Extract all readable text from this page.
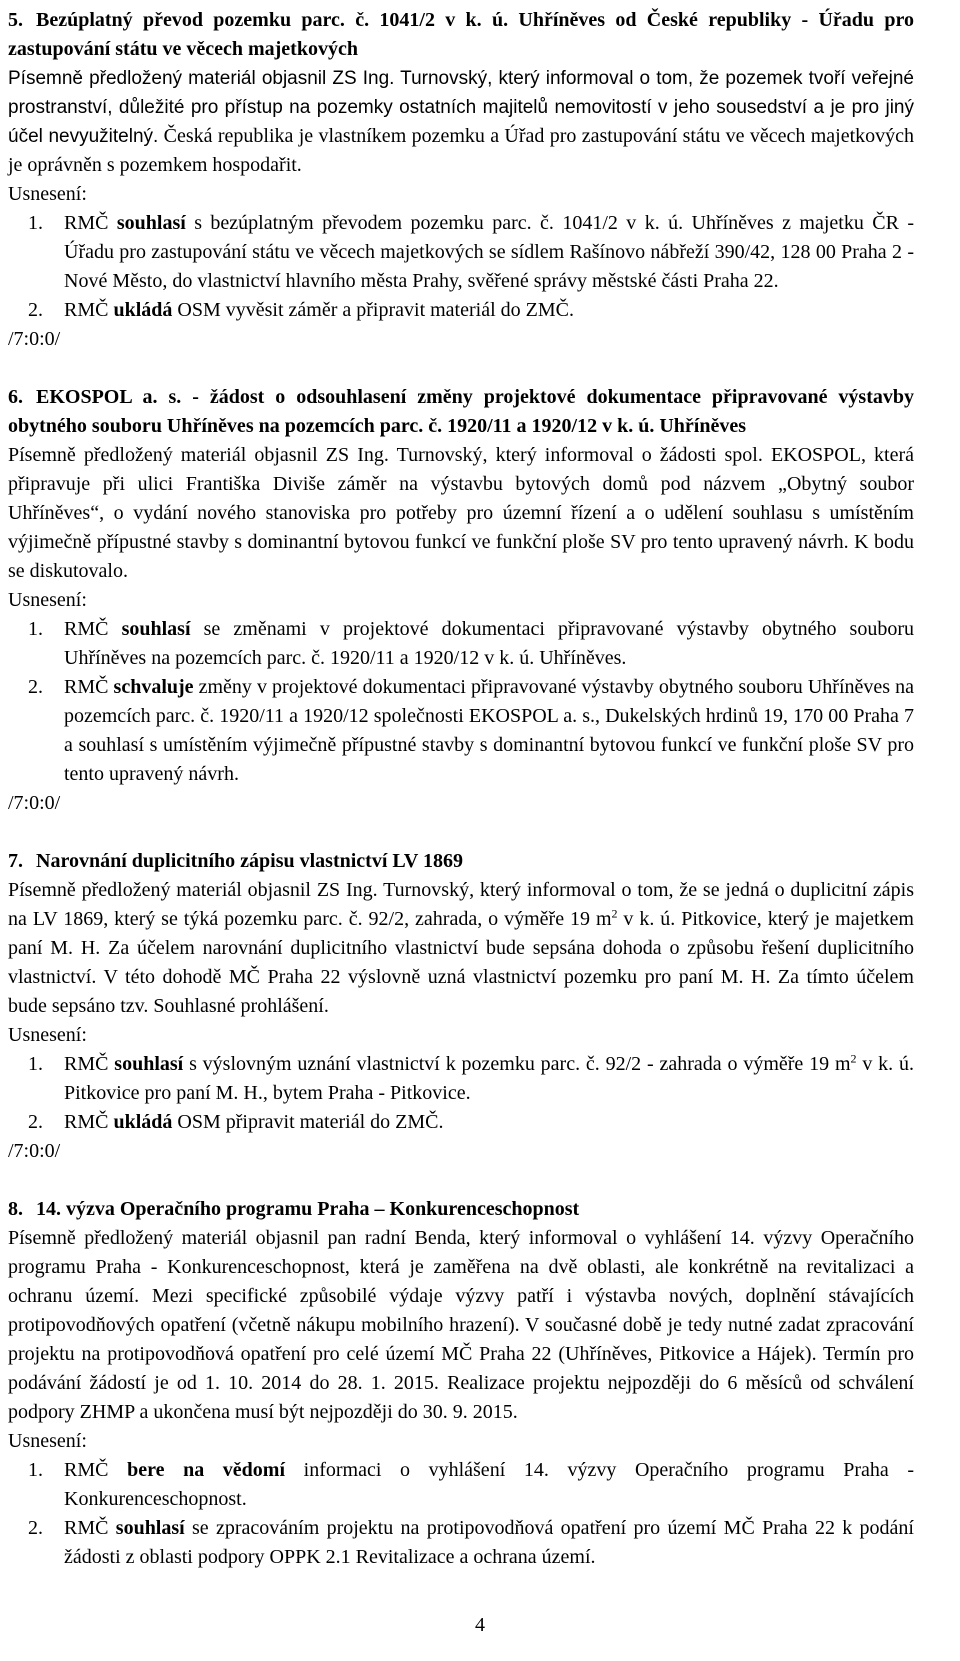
5. Bezúplatný převod pozemku parc. č. 1041/2 v k. ú. Uhříněves od České republiky - Úřadu pro zastupování státu ve věcech majetkových

Písemně předložený materiál objasnil ZS Ing. Turnovský, který informoval o tom, že pozemek tvoří veřejné prostranství, důležité pro přístup na pozemky ostatních majitelů nemovitostí v jeho sousedství a je pro jiný účel nevyužitelný. Česká republika je vlastníkem pozemku a Úřad pro zastupování státu ve věcech majetkových je oprávněn s pozemkem hospodařit.

Usnesení:

1. RMČ souhlasí s bezúplatným převodem pozemku parc. č. 1041/2 v k. ú. Uhříněves z majetku ČR - Úřadu pro zastupování státu ve věcech majetkových se sídlem Rašínovo nábřeží 390/42, 128 00 Praha 2 - Nové Město, do vlastnictví hlavního města Prahy, svěřené správy městské části Praha 22.
2. RMČ ukládá OSM vyvěsit záměr a připravit materiál do ZMČ.

/7:0:0/

6. EKOSPOL a. s. - žádost o odsouhlasení změny projektové dokumentace připravované výstavby obytného souboru Uhříněves na pozemcích parc. č. 1920/11 a 1920/12 v k. ú. Uhříněves

Písemně předložený materiál objasnil ZS Ing. Turnovský, který informoval o žádosti spol. EKOSPOL, která připravuje při ulici Františka Diviše záměr na výstavbu bytových domů pod názvem „Obytný soubor Uhříněves“, o vydání nového stanoviska pro potřeby pro územní řízení a o udělení souhlasu s umístěním výjimečně přípustné stavby s dominantní bytovou funkcí ve funkční ploše SV pro tento upravený návrh. K bodu se diskutovalo.

Usnesení:

1. RMČ souhlasí se změnami v projektové dokumentaci připravované výstavby obytného souboru Uhříněves na pozemcích parc. č. 1920/11 a 1920/12 v k. ú. Uhříněves.
2. RMČ schvaluje změny v projektové dokumentaci připravované výstavby obytného souboru Uhříněves na pozemcích parc. č. 1920/11 a 1920/12 společnosti EKOSPOL a. s., Dukelských hrdinů 19, 170 00 Praha 7 a souhlasí s umístěním výjimečně přípustné stavby s dominantní bytovou funkcí ve funkční ploše SV pro tento upravený návrh.

/7:0:0/

7. Narovnání duplicitního zápisu vlastnictví LV 1869

Písemně předložený materiál objasnil ZS Ing. Turnovský, který informoval o tom, že se jedná o duplicitní zápis na LV 1869, který se týká pozemku parc. č. 92/2, zahrada, o výměře 19 $m^2$ v k. ú. Pitkovice, který je majetkem paní M. H. Za účelem narovnání duplicitního vlastnictví bude sepsána dohoda o způsobu řešení duplicitního vlastnictví. V této dohodě MČ Praha 22 výslovně uzná vlastnictví pozemku pro paní M. H. Za tímto účelem bude sepsáno tzv. Souhlasné prohlášení.

Usnesení:

1. RMČ souhlasí s výslovným uznání vlastnictví k pozemku parc. č. 92/2 - zahrada o výměře 19 $m^2$ v k. ú. Pitkovice pro paní M. H., bytem Praha - Pitkovice.
2. RMČ ukládá OSM připravit materiál do ZMČ.

/7:0:0/

8. 14. výzva Operačního programu Praha – Konkurenceschopnost

Písemně předložený materiál objasnil pan radní Benda, který informoval o vyhlášení 14. výzvy Operačního programu Praha - Konkurenceschopnost, která je zaměřena na dvě oblasti, ale konkrétně na revitalizaci a ochranu území. Mezi specifické způsobilé výdaje výzvy patří i výstavba nových, doplnění stávajících protipovodňových opatření (včetně nákupu mobilního hrazení). V současné době je tedy nutné zadat zpracování projektu na protipovodňová opatření pro celé území MČ Praha 22 (Uhříněves, Pitkovice a Hájek). Termín pro podávání žádostí je od 1. 10. 2014 do 28. 1. 2015. Realizace projektu nejpozději do 6 měsíců od schválení podpory ZHMP a ukončena musí být nejpozději do 30. 9. 2015.

Usnesení:

1. RMČ bere na vědomí informaci o vyhlášení 14. výzvy Operačního programu Praha - Konkurenceschopnost.
2. RMČ souhlasí se zpracováním projektu na protipovodňová opatření pro území MČ Praha 22 k podání žádosti z oblasti podpory OPPK 2.1 Revitalizace a ochrana území.
4
